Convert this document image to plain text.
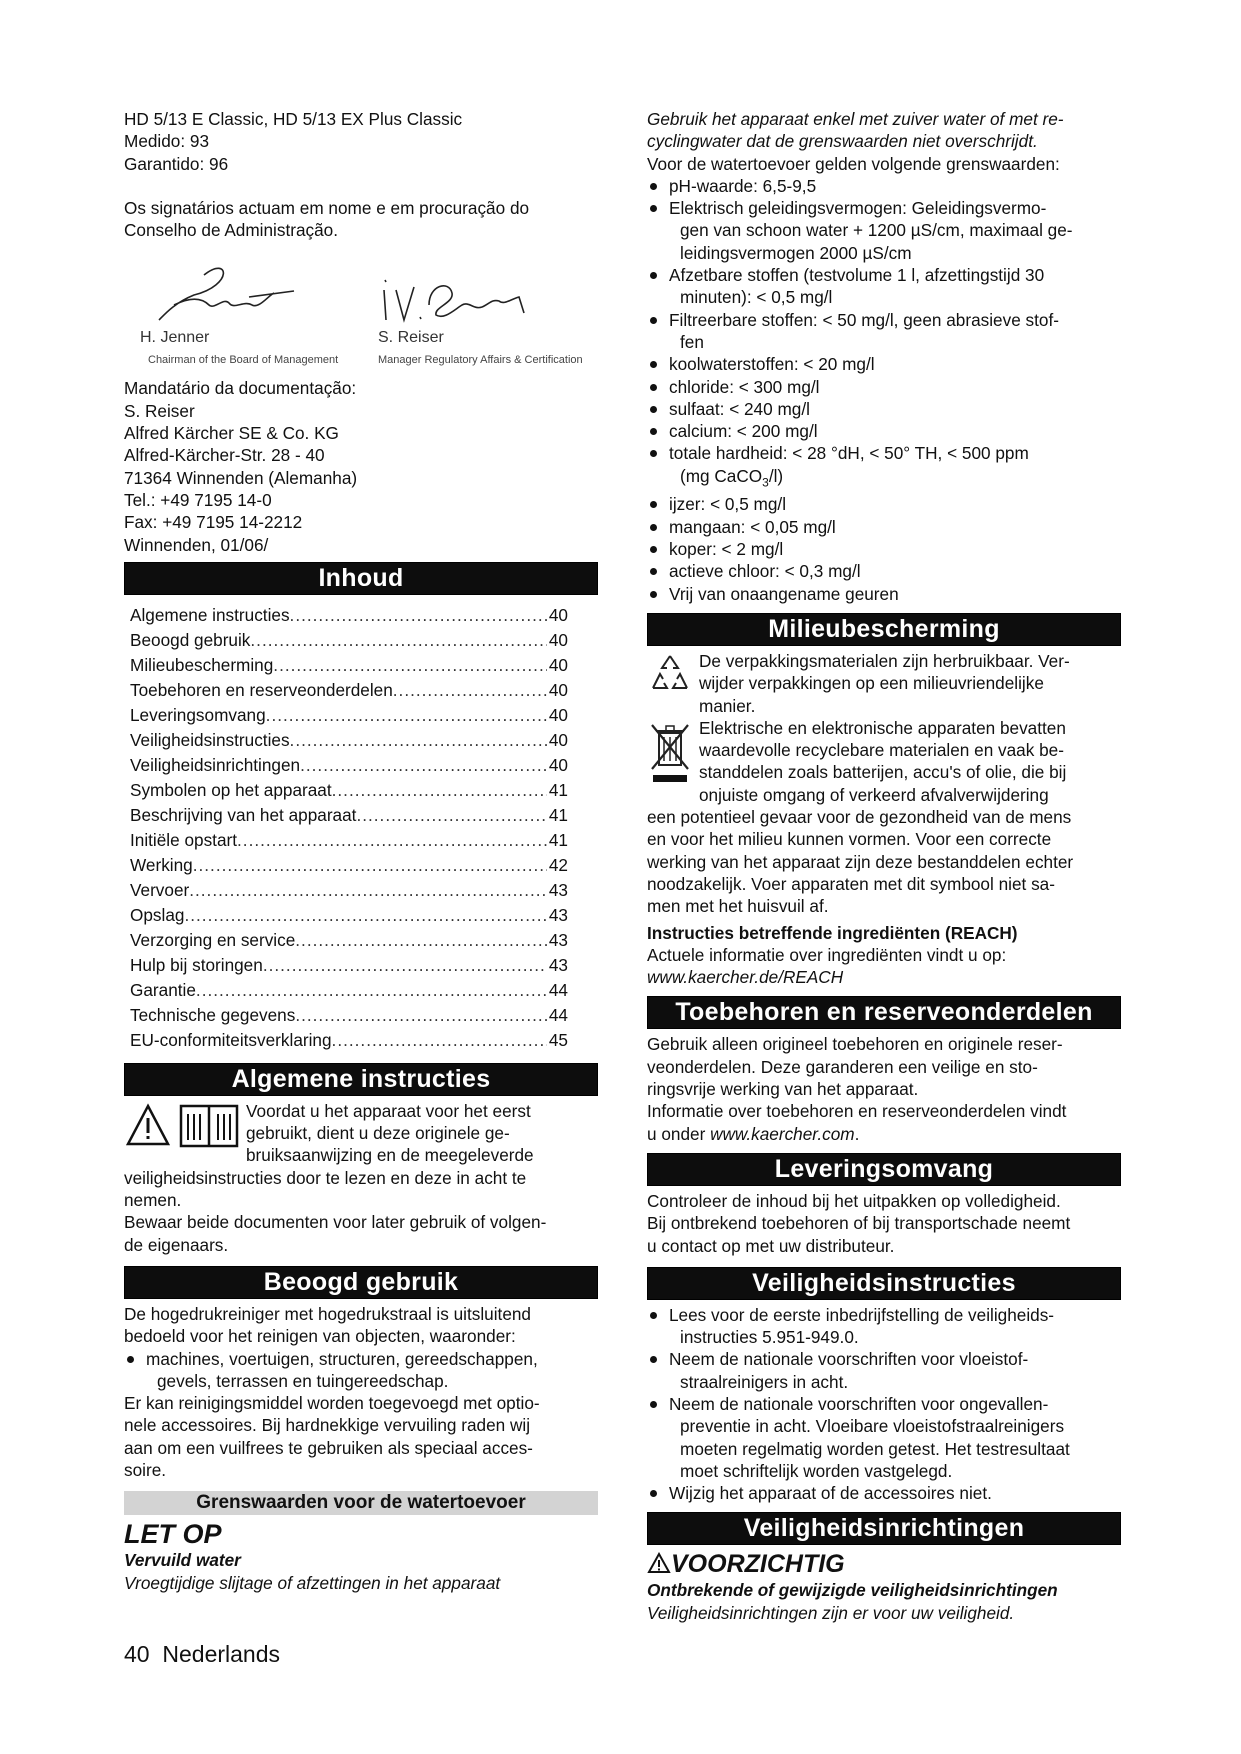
HD 5/13 E Classic, HD 5/13 EX Plus Classic

Medido: 93

Garantido: 96

Os signatários actuam em nome e em procuração do

Conselho de Administração.

H. Jenner
Chairman of the Board of Management
S. Reiser
Manager Regulatory Affairs & Certification

Mandatário da documentação:

S. Reiser

Alfred Kärcher SE & Co. KG

Alfred-Kärcher-Str. 28 - 40

71364 Winnenden (Alemanha)

Tel.: +49 7195 14-0

Fax: +49 7195 14-2212

Winnenden, 01/06/

Inhoud
Algemene instructies .....	40
Beoogd gebruik .....	40
Milieubescherming .....	40
Toebehoren en reserveonderdelen .....	40
Leveringsomvang .....	40
Veiligheidsinstructies .....	40
Veiligheidsinrichtingen .....	40
Symbolen op het apparaat .....	41
Beschrijving van het apparaat .....	41
Initiële opstart .....	41
Werking .....	42
Vervoer .....	43
Opslag .....	43
Verzorging en service .....	43
Hulp bij storingen .....	43
Garantie .....	44
Technische gegevens .....	44
EU-conformiteitsverklaring .....	45
Algemene instructies

Voordat u het apparaat voor het eerst

gebruikt, dient u deze originele ge-

bruiksaanwijzing en de meegeleverde

veiligheidsinstructies door te lezen en deze in acht te

nemen.

Bewaar beide documenten voor later gebruik of volgen-

de eigenaars.

Beoogd gebruik

De hogedrukreiniger met hogedrukstraal is uitsluitend

bedoeld voor het reinigen van objecten, waaronder:

machines, voertuigen, structuren, gereedschappen,
gevels, terrassen en tuingereedschap.

Er kan reinigingsmiddel worden toegevoegd met optio-

nele accessoires. Bij hardnekkige vervuiling raden wij

aan om een vuilfrees te gebruiken als speciaal acces-

soire.

Grenswaarden voor de watertoevoer
LET OP

Vervuild water

Vroegtijdige slijtage of afzettingen in het apparaat

Gebruik het apparaat enkel met zuiver water of met re-

cyclingwater dat de grenswaarden niet overschrijdt.

Voor de watertoevoer gelden volgende grenswaarden:

pH-waarde: 6,5-9,5
Elektrisch geleidingsvermogen: Geleidingsvermo-
gen van schoon water + 1200 µS/cm, maximaal ge-
leidingsvermogen 2000 µS/cm
Afzetbare stoffen (testvolume 1 l, afzettingstijd 30
minuten): < 0,5 mg/l
Filtreerbare stoffen: < 50 mg/l, geen abrasieve stof-
fen
koolwaterstoffen: < 20 mg/l
chloride: < 300 mg/l
sulfaat: < 240 mg/l
calcium: < 200 mg/l
totale hardheid: < 28 °dH, < 50° TH, < 500 ppm
(mg CaCO$_3$/l)
ijzer: < 0,5 mg/l
mangaan: < 0,05 mg/l
koper: < 2 mg/l
actieve chloor: < 0,3 mg/l
Vrij van onaangename geuren
Milieubescherming

De verpakkingsmaterialen zijn herbruikbaar. Ver-

wijder verpakkingen op een milieuvriendelijke

manier.

Elektrische en elektronische apparaten bevatten

waardevolle recyclebare materialen en vaak be-

standdelen zoals batterijen, accu's of olie, die bij

onjuiste omgang of verkeerd afvalverwijdering

een potentieel gevaar voor de gezondheid van de mens

en voor het milieu kunnen vormen. Voor een correcte

werking van het apparaat zijn deze bestanddelen echter

noodzakelijk. Voer apparaten met dit symbool niet sa-

men met het huisvuil af.

Instructies betreffende ingrediënten (REACH)

Actuele informatie over ingrediënten vindt u op:

www.kaercher.de/REACH

Toebehoren en reserveonderdelen

Gebruik alleen origineel toebehoren en originele reser-

veonderdelen. Deze garanderen een veilige en sto-

ringsvrije werking van het apparaat.

Informatie over toebehoren en reserveonderdelen vindt

u onder www.kaercher.com.

Leveringsomvang

Controleer de inhoud bij het uitpakken op volledigheid.

Bij ontbrekend toebehoren of bij transportschade neemt

u contact op met uw distributeur.

Veiligheidsinstructies
Lees voor de eerste inbedrijfstelling de veiligheids-
instructies 5.951-949.0.
Neem de nationale voorschriften voor vloeistof-
straalreinigers in acht.
Neem de nationale voorschriften voor ongevallen-
preventie in acht. Vloeibare vloeistofstraalreinigers
moeten regelmatig worden getest. Het testresultaat
moet schriftelijk worden vastgelegd.
Wijzig het apparaat of de accessoires niet.
Veiligheidsinrichtingen
VOORZICHTIG

Ontbrekende of gewijzigde veiligheidsinrichtingen

Veiligheidsinrichtingen zijn er voor uw veiligheid.

40 Nederlands
